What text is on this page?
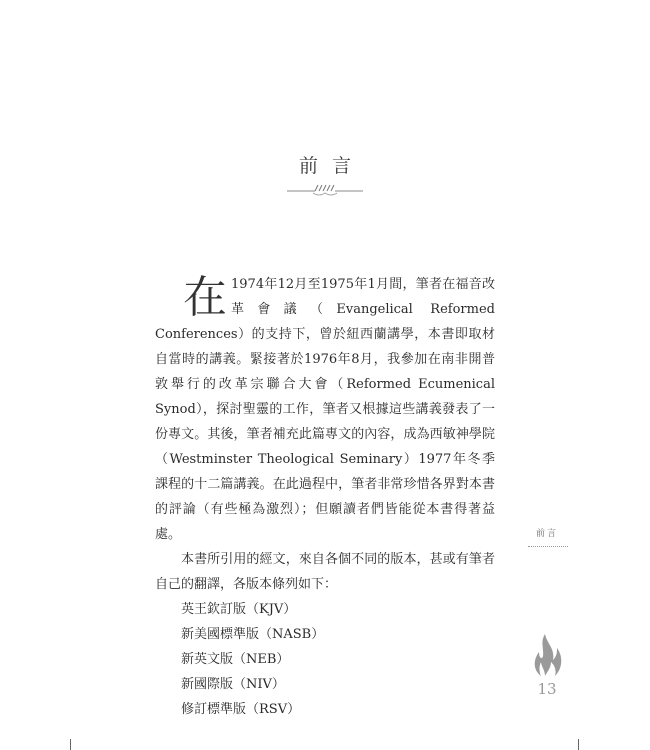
前言

在 1974年12月至1975年1月間，筆者在福音改革會議（Evangelical Reformed Conferences）的支持下，曾於紐西蘭講學，本書即取材自當時的講義。緊接著於1976年8月，我參加在南非開普敦舉行的改革宗聯合大會（Reformed Ecumenical Synod），探討聖靈的工作，筆者又根據這些講義發表了一份專文。其後，筆者補充此篇專文的內容，成為西敏神學院（Westminster Theological Seminary）1977年冬季課程的十二篇講義。在此過程中，筆者非常珍惜各界對本書的評論（有些極為激烈）；但願讀者們皆能從本書得著益處。

本書所引用的經文，來自各個不同的版本，甚或有筆者自己的翻譯，各版本條列如下：

英王欽訂版（KJV）
新美國標準版（NASB）
新英文版（NEB）
新國際版（NIV）
修訂標準版（RSV）
前言
13
